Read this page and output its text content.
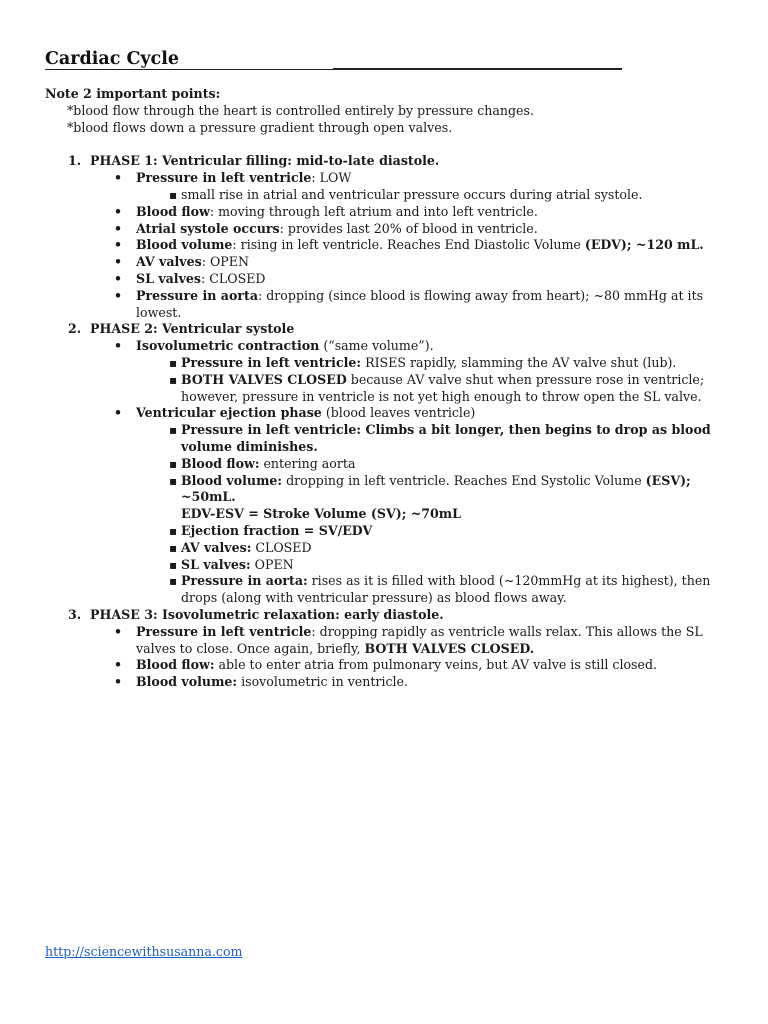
Cardiac Cycle

Note 2 important points:

*blood flow through the heart is controlled entirely by pressure changes.

*blood flows down a pressure gradient through open valves.

1. PHASE 1: Ventricular filling: mid-to-late diastole.

• Pressure in left ventricle: LOW
▪ small rise in atrial and ventricular pressure occurs during atrial systole.
• Blood flow: moving through left atrium and into left ventricle.
• Atrial systole occurs: provides last 20% of blood in ventricle.
• Blood volume: rising in left ventricle. Reaches End Diastolic Volume (EDV); ~120 mL.
• AV valves: OPEN
• SL valves: CLOSED
• Pressure in aorta: dropping (since blood is flowing away from heart); ~80 mmHg at its lowest.

2. PHASE 2: Ventricular systole

• Isovolumetric contraction (“same volume”).
▪ Pressure in left ventricle: RISES rapidly, slamming the AV valve shut (lub).
▪ BOTH VALVES CLOSED because AV valve shut when pressure rose in ventricle; however, pressure in ventricle is not yet high enough to throw open the SL valve.
• Ventricular ejection phase (blood leaves ventricle)
▪ Pressure in left ventricle: Climbs a bit longer, then begins to drop as blood volume diminishes.
▪ Blood flow: entering aorta
▪ Blood volume: dropping in left ventricle. Reaches End Systolic Volume (ESV); ~50mL.
EDV-ESV = Stroke Volume (SV); ~70mL
▪ Ejection fraction = SV/EDV
▪ AV valves: CLOSED
▪ SL valves: OPEN
▪ Pressure in aorta: rises as it is filled with blood (~120mmHg at its highest), then drops (along with ventricular pressure) as blood flows away.

3. PHASE 3: Isovolumetric relaxation: early diastole.

• Pressure in left ventricle: dropping rapidly as ventricle walls relax. This allows the SL valves to close. Once again, briefly, BOTH VALVES CLOSED.
• Blood flow: able to enter atria from pulmonary veins, but AV valve is still closed.
• Blood volume: isovolumetric in ventricle.
http://sciencewithsusanna.com
